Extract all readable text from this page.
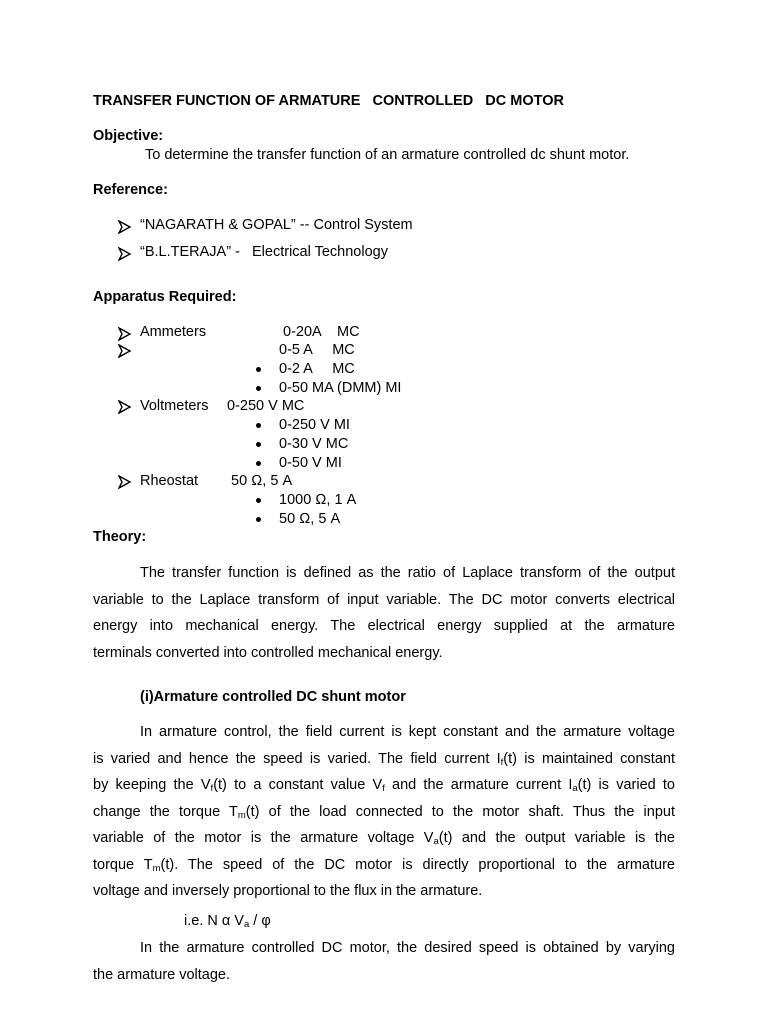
TRANSFER FUNCTION OF ARMATURE   CONTROLLED   DC MOTOR
Objective:
To determine the transfer function of an armature controlled dc shunt motor.
Reference:
“NAGARATH & GOPAL” -- Control System
“B.L.TERAJA” - Electrical Technology
Apparatus Required:
Ammeters	0-20A    MC
0-5 A     MC
0-2 A     MC
0-50 MA (DMM) MI
Voltmeters 0-250 V MC
0-250 V MI
0-30 V MC
0-50 V MI
Rheostat 50 Ω, 5 A
1000 Ω, 1 A
50 Ω, 5 A
Theory:
The transfer function is defined as the ratio of Laplace transform of the output
variable to the Laplace transform of input variable. The DC motor converts electrical
energy into mechanical energy. The electrical energy supplied at the armature
terminals converted into controlled mechanical energy.
(i)Armature controlled DC shunt motor
In armature control, the field current is kept constant and the armature voltage
is varied and hence the speed is varied. The field current $I_f(t)$ is maintained constant
by keeping the $V_f(t)$ to a constant value $V_f$ and the armature current $I_a(t)$ is varied to
change the torque $T_m(t)$ of the load connected to the motor shaft. Thus the input
variable of the motor is the armature voltage $V_a(t)$ and the output variable is the
torque $T_m(t)$. The speed of the DC motor is directly proportional to the armature
voltage and inversely proportional to the flux in the armature.
i.e. N α $V_a$ / φ
In the armature controlled DC motor, the desired speed is obtained by varying
the armature voltage.
